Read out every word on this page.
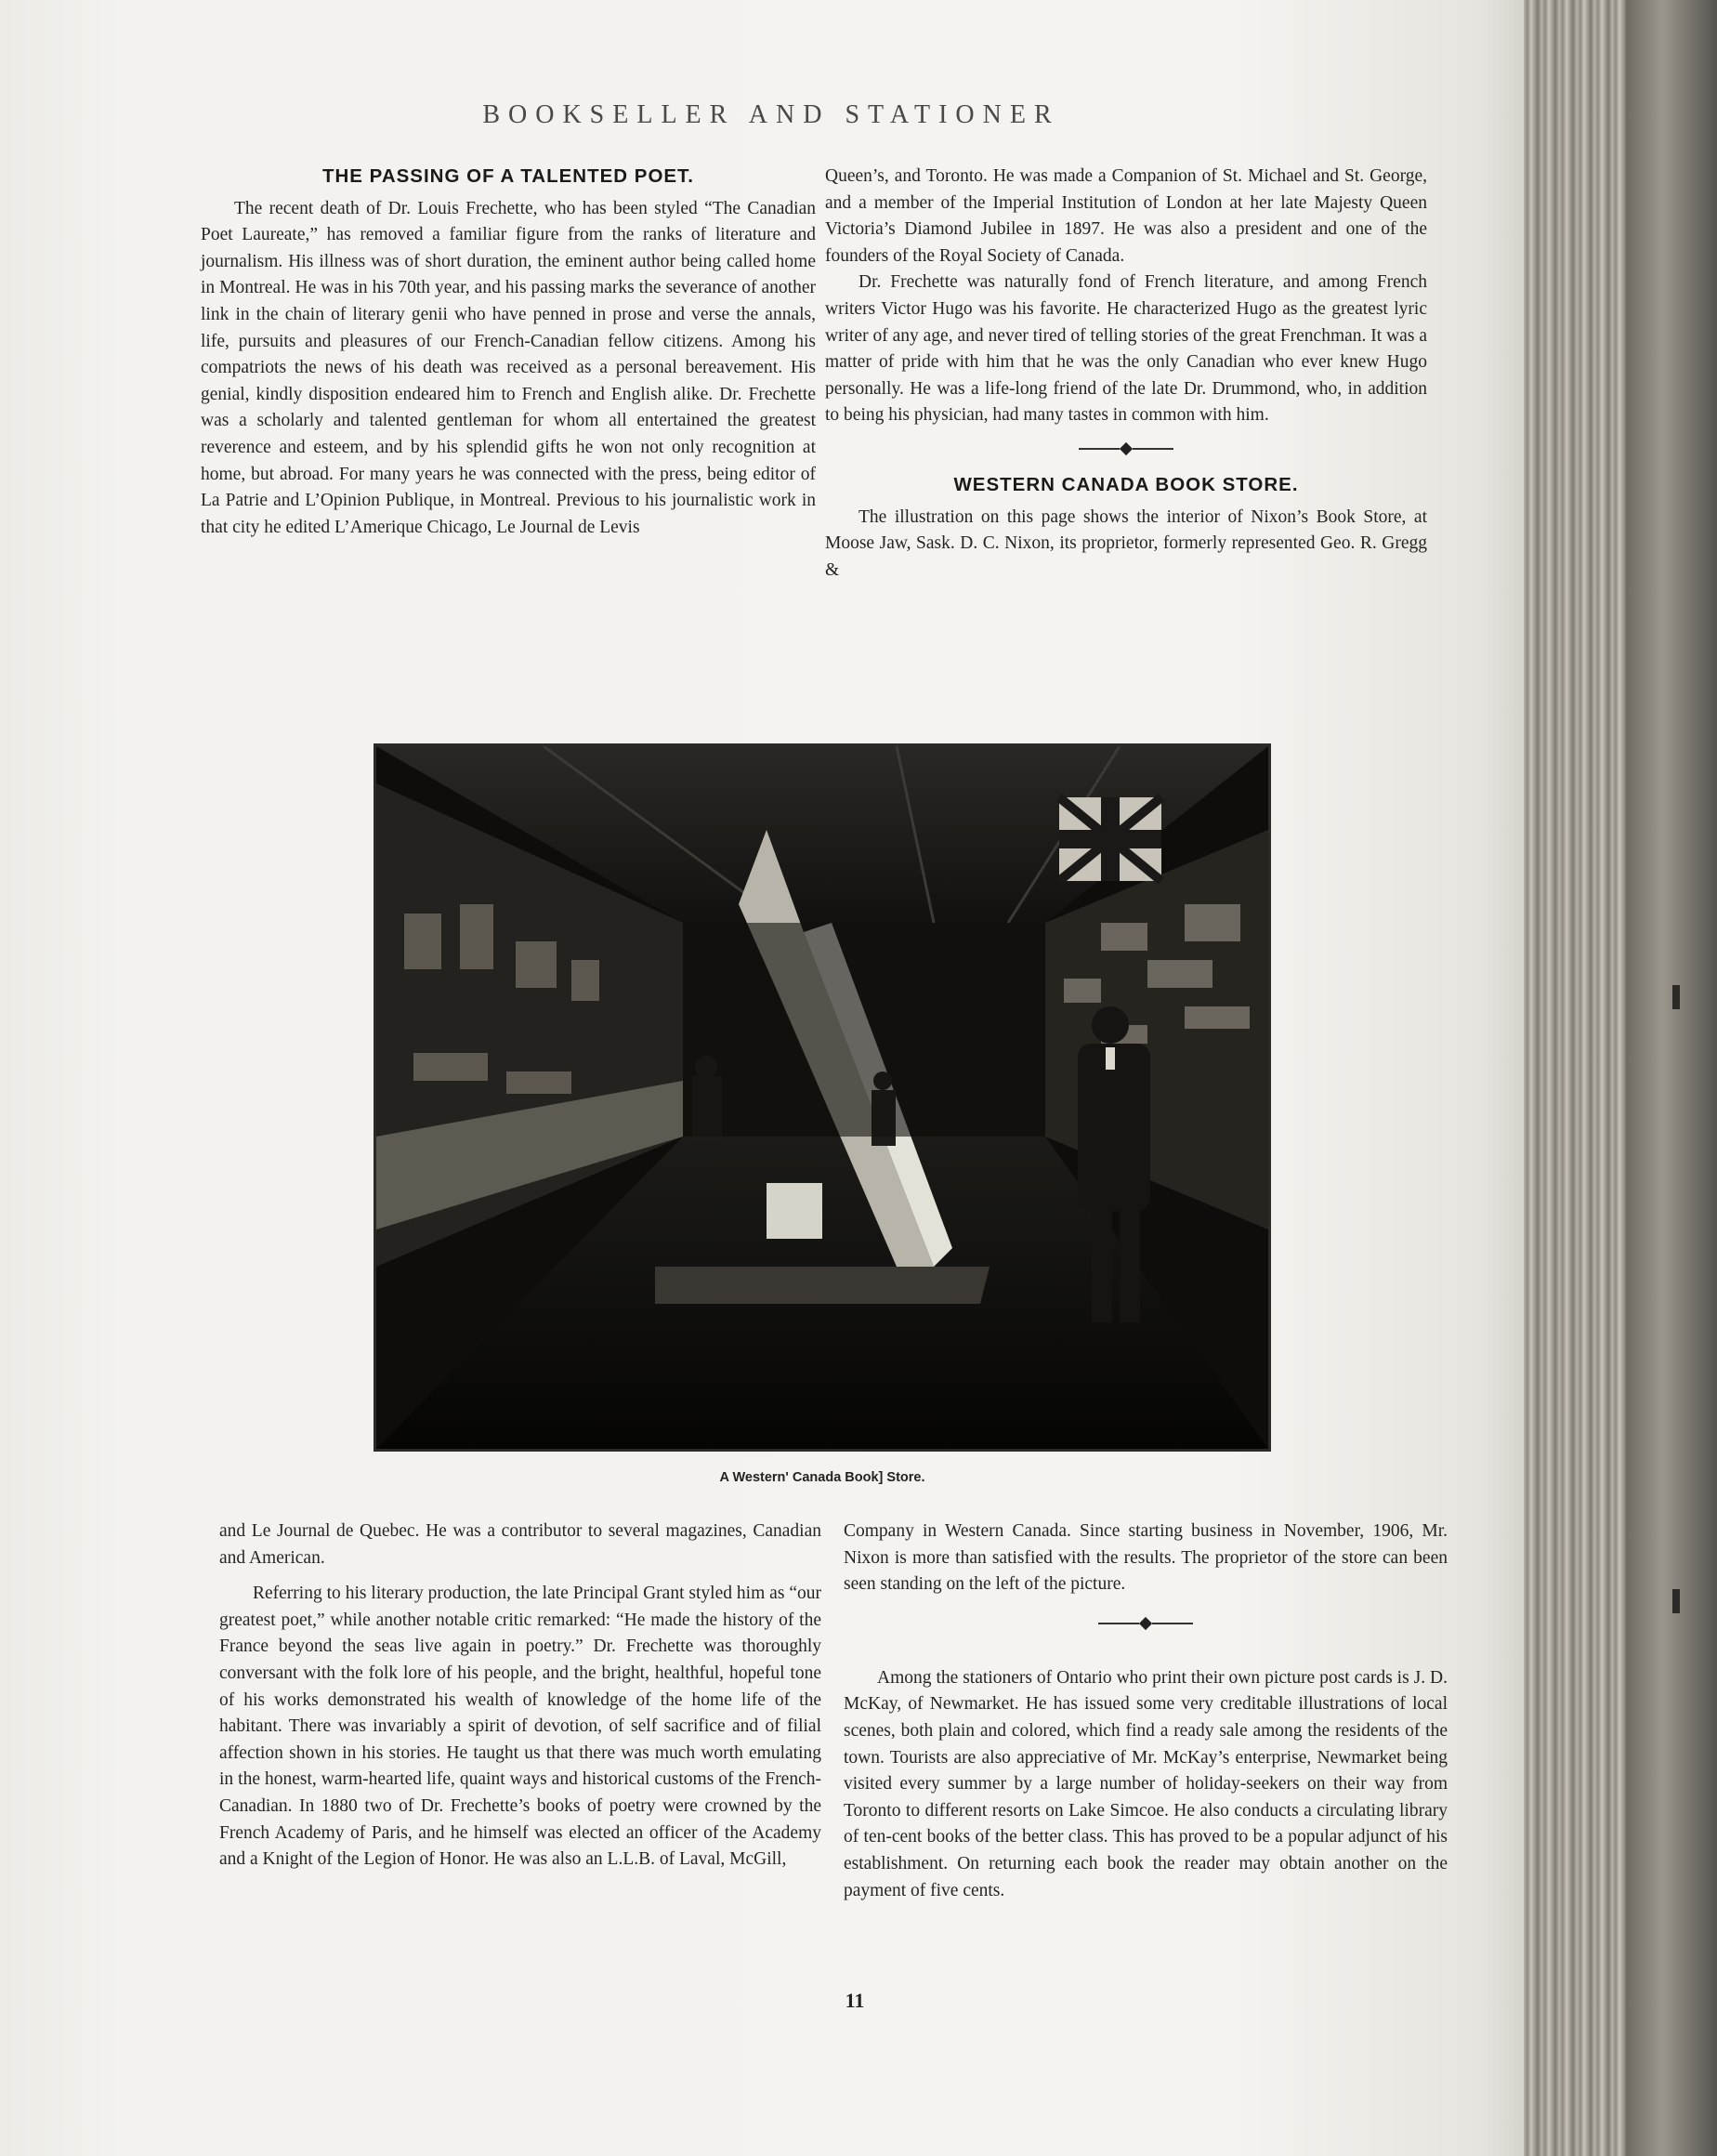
BOOKSELLER AND STATIONER
THE PASSING OF A TALENTED POET.

The recent death of Dr. Louis Frechette, who has been styled “The Canadian Poet Laureate,” has removed a familiar figure from the ranks of literature and journalism. His illness was of short duration, the eminent author being called home in Montreal. He was in his 70th year, and his passing marks the severance of another link in the chain of literary genii who have penned in prose and verse the annals, life, pursuits and pleasures of our French-Canadian fellow citizens. Among his compatriots the news of his death was received as a personal bereavement. His genial, kindly disposition endeared him to French and English alike. Dr. Frechette was a scholarly and talented gentleman for whom all entertained the greatest reverence and esteem, and by his splendid gifts he won not only recognition at home, but abroad. For many years he was connected with the press, being editor of La Patrie and L’Opinion Publique, in Montreal. Previous to his journalistic work in that city he edited L’Amerique Chicago, Le Journal de Levis

Queen’s, and Toronto. He was made a Companion of St. Michael and St. George, and a member of the Imperial Institution of London at her late Majesty Queen Victoria’s Diamond Jubilee in 1897. He was also a president and one of the founders of the Royal Society of Canada.

Dr. Frechette was naturally fond of French literature, and among French writers Victor Hugo was his favorite. He characterized Hugo as the greatest lyric writer of any age, and never tired of telling stories of the great Frenchman. It was a matter of pride with him that he was the only Canadian who ever knew Hugo personally. He was a life-long friend of the late Dr. Drummond, who, in addition to being his physician, had many tastes in common with him.

WESTERN CANADA BOOK STORE.

The illustration on this page shows the interior of Nixon’s Book Store, at Moose Jaw, Sask. D. C. Nixon, its proprietor, formerly represented Geo. R. Gregg &

A Western' Canada Book] Store.

and Le Journal de Quebec. He was a contributor to several magazines, Canadian and American.

Referring to his literary production, the late Principal Grant styled him as “our greatest poet,” while another notable critic remarked: “He made the history of the France beyond the seas live again in poetry.” Dr. Frechette was thoroughly conversant with the folk lore of his people, and the bright, healthful, hopeful tone of his works demonstrated his wealth of knowledge of the home life of the habitant. There was invariably a spirit of devotion, of self sacrifice and of filial affection shown in his stories. He taught us that there was much worth emulating in the honest, warm-hearted life, quaint ways and historical customs of the French-Canadian. In 1880 two of Dr. Frechette’s books of poetry were crowned by the French Academy of Paris, and he himself was elected an officer of the Academy and a Knight of the Legion of Honor. He was also an L.L.B. of Laval, McGill,

Company in Western Canada. Since starting business in November, 1906, Mr. Nixon is more than satisfied with the results. The proprietor of the store can been seen standing on the left of the picture.

Among the stationers of Ontario who print their own picture post cards is J. D. McKay, of Newmarket. He has issued some very creditable illustrations of local scenes, both plain and colored, which find a ready sale among the residents of the town. Tourists are also appreciative of Mr. McKay’s enterprise, Newmarket being visited every summer by a large number of holiday-seekers on their way from Toronto to different resorts on Lake Simcoe. He also conducts a circulating library of ten-cent books of the better class. This has proved to be a popular adjunct of his establishment. On returning each book the reader may obtain another on the payment of five cents.

11
